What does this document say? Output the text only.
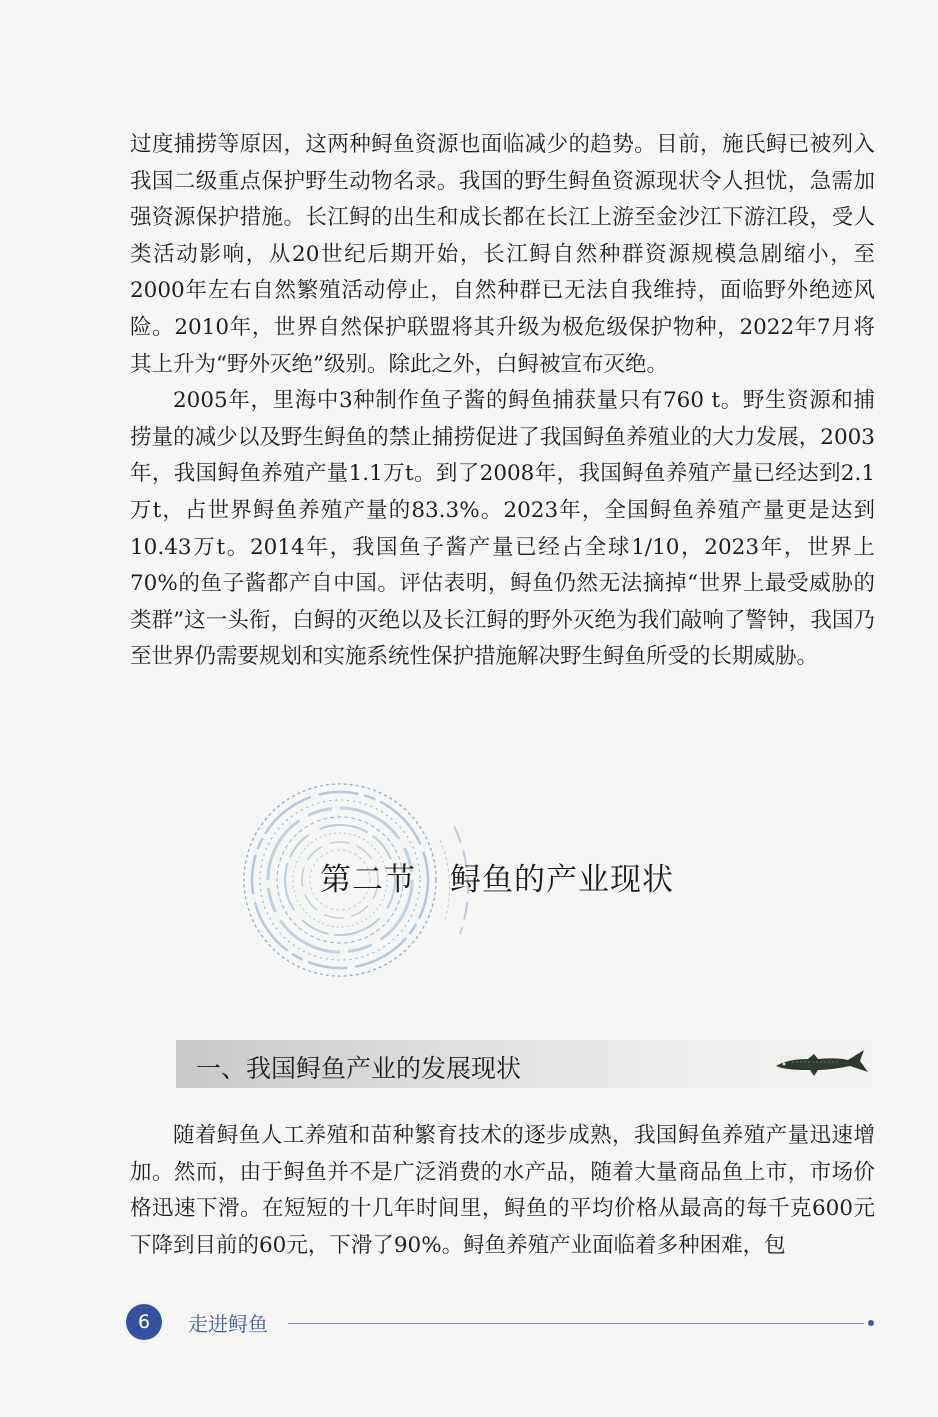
过度捕捞等原因，这两种鲟鱼资源也面临减少的趋势。目前，施氏鲟已被列入我国二级重点保护野生动物名录。我国的野生鲟鱼资源现状令人担忧，急需加强资源保护措施。长江鲟的出生和成长都在长江上游至金沙江下游江段，受人类活动影响，从20世纪后期开始，长江鲟自然种群资源规模急剧缩小，至2000年左右自然繁殖活动停止，自然种群已无法自我维持，面临野外绝迹风险。2010年，世界自然保护联盟将其升级为极危级保护物种，2022年7月将其上升为“野外灭绝”级别。除此之外，白鲟被宣布灭绝。

2005年，里海中3种制作鱼子酱的鲟鱼捕获量只有760 t。野生资源和捕捞量的减少以及野生鲟鱼的禁止捕捞促进了我国鲟鱼养殖业的大力发展，2003年，我国鲟鱼养殖产量1.1万t。到了2008年，我国鲟鱼养殖产量已经达到2.1万t，占世界鲟鱼养殖产量的83.3%。2023年，全国鲟鱼养殖产量更是达到10.43万t。2014年，我国鱼子酱产量已经占全球1/10，2023年，世界上70%的鱼子酱都产自中国。评估表明，鲟鱼仍然无法摘掉“世界上最受威胁的类群”这一头衔，白鲟的灭绝以及长江鲟的野外灭绝为我们敲响了警钟，我国乃至世界仍需要规划和实施系统性保护措施解决野生鲟鱼所受的长期威胁。

第二节 鲟鱼的产业现状
一、我国鲟鱼产业的发展现状

随着鲟鱼人工养殖和苗种繁育技术的逐步成熟，我国鲟鱼养殖产量迅速增加。然而，由于鲟鱼并不是广泛消费的水产品，随着大量商品鱼上市，市场价格迅速下滑。在短短的十几年时间里，鲟鱼的平均价格从最高的每千克600元下降到目前的60元，下滑了90%。鲟鱼养殖产业面临着多种困难，包

6	走进鲟鱼
